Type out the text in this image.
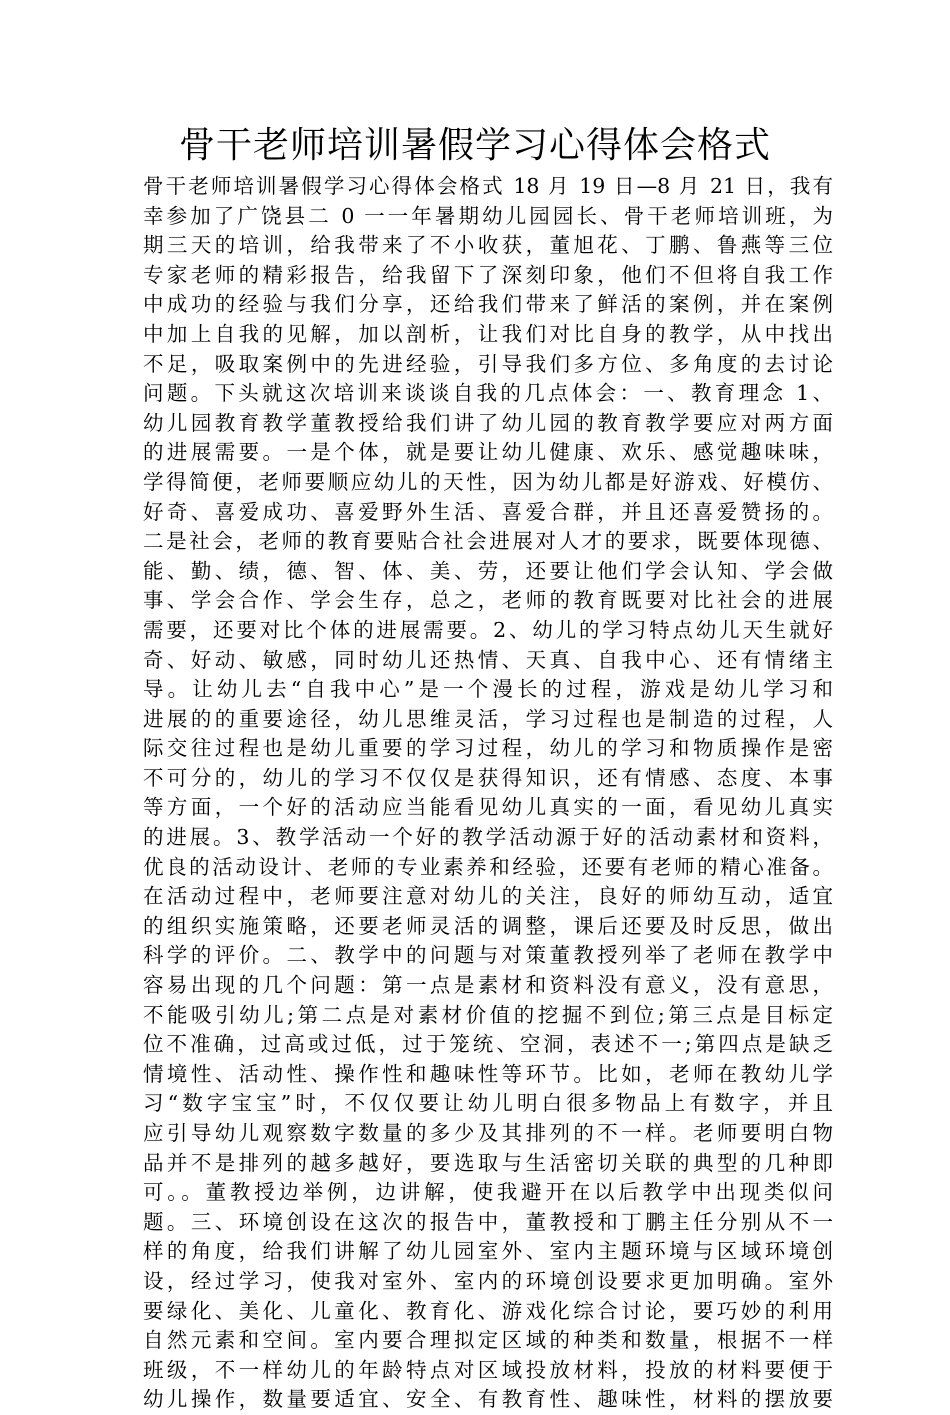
骨干老师培训暑假学习心得体会格式
骨干老师培训暑假学习心得体会格式 18 月 19 日—8 月 21 日，我有
幸参加了广饶县二 0 一一年暑期幼儿园园长、骨干老师培训班，为
期三天的培训，给我带来了不小收获，董旭花、丁鹏、鲁燕等三位
专家老师的精彩报告，给我留下了深刻印象，他们不但将自我工作
中成功的经验与我们分享，还给我们带来了鲜活的案例，并在案例
中加上自我的见解，加以剖析，让我们对比自身的教学，从中找出
不足，吸取案例中的先进经验，引导我们多方位、多角度的去讨论
问题。下头就这次培训来谈谈自我的几点体会：一、教育理念 1、
幼儿园教育教学董教授给我们讲了幼儿园的教育教学要应对两方面
的进展需要。一是个体，就是要让幼儿健康、欢乐、感觉趣味味，
学得简便，老师要顺应幼儿的天性，因为幼儿都是好游戏、好模仿、
好奇、喜爱成功、喜爱野外生活、喜爱合群，并且还喜爱赞扬的。
二是社会，老师的教育要贴合社会进展对人才的要求，既要体现德、
能、勤、绩，德、智、体、美、劳，还要让他们学会认知、学会做
事、学会合作、学会生存，总之，老师的教育既要对比社会的进展
需要，还要对比个体的进展需要。2、幼儿的学习特点幼儿天生就好
奇、好动、敏感，同时幼儿还热情、天真、自我中心、还有情绪主
导。让幼儿去“自我中心”是一个漫长的过程，游戏是幼儿学习和
进展的的重要途径，幼儿思维灵活，学习过程也是制造的过程，人
际交往过程也是幼儿重要的学习过程，幼儿的学习和物质操作是密
不可分的，幼儿的学习不仅仅是获得知识，还有情感、态度、本事
等方面，一个好的活动应当能看见幼儿真实的一面，看见幼儿真实
的进展。3、教学活动一个好的教学活动源于好的活动素材和资料，
优良的活动设计、老师的专业素养和经验，还要有老师的精心准备。
在活动过程中，老师要注意对幼儿的关注，良好的师幼互动，适宜
的组织实施策略，还要老师灵活的调整，课后还要及时反思，做出
科学的评价。二、教学中的问题与对策董教授列举了老师在教学中
容易出现的几个问题：第一点是素材和资料没有意义，没有意思，
不能吸引幼儿;第二点是对素材价值的挖掘不到位;第三点是目标定
位不准确，过高或过低，过于笼统、空洞，表述不一;第四点是缺乏
情境性、活动性、操作性和趣味性等环节。比如，老师在教幼儿学
习“数字宝宝”时，不仅仅要让幼儿明白很多物品上有数字，并且
应引导幼儿观察数字数量的多少及其排列的不一样。老师要明白物
品并不是排列的越多越好，要选取与生活密切关联的典型的几种即
可。。董教授边举例，边讲解，使我避开在以后教学中出现类似问
题。三、环境创设在这次的报告中，董教授和丁鹏主任分别从不一
样的角度，给我们讲解了幼儿园室外、室内主题环境与区域环境创
设，经过学习，使我对室外、室内的环境创设要求更加明确。室外
要绿化、美化、儿童化、教育化、游戏化综合讨论，要巧妙的利用
自然元素和空间。室内要合理拟定区域的种类和数量，根据不一样
班级，不一样幼儿的年龄特点对区域投放材料，投放的材料要便于
幼儿操作，数量要适宜、安全、有教育性、趣味性，材料的摆放要
